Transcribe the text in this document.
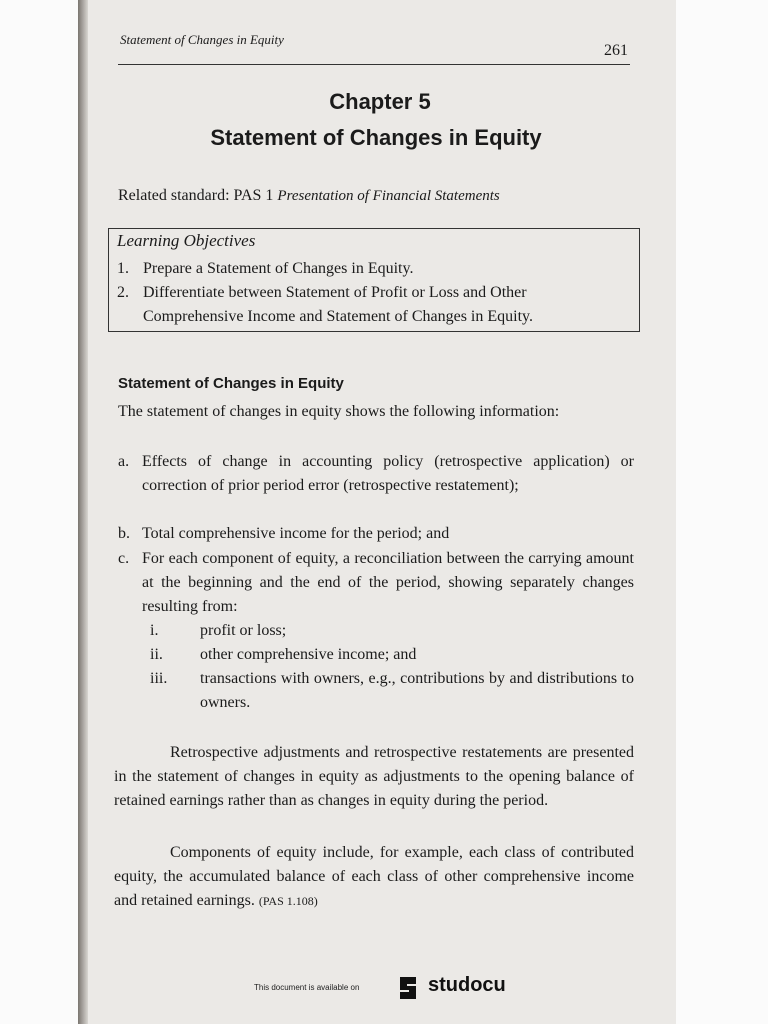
Statement of Changes in Equity
261
Chapter 5
Statement of Changes in Equity
Related standard: PAS 1 Presentation of Financial Statements
Learning Objectives
1. Prepare a Statement of Changes in Equity.
2. Differentiate between Statement of Profit or Loss and Other
Comprehensive Income and Statement of Changes in Equity.
Statement of Changes in Equity
The statement of changes in equity shows the following information:
a. Effects of change in accounting policy (retrospective application) or correction of prior period error (retrospective restatement);
b. Total comprehensive income for the period; and
c. For each component of equity, a reconciliation between the carrying amount at the beginning and the end of the period, showing separately changes resulting from:
i.	profit or loss;
ii. other comprehensive income; and
iii. transactions with owners, e.g., contributions by and distributions to owners.
Retrospective adjustments and retrospective restatements are presented in the statement of changes in equity as adjustments to the opening balance of retained earnings rather than as changes in equity during the period.
Components of equity include, for example, each class of contributed equity, the accumulated balance of each class of other comprehensive income and retained earnings. (PAS 1.108)
This document is available on	studocu
